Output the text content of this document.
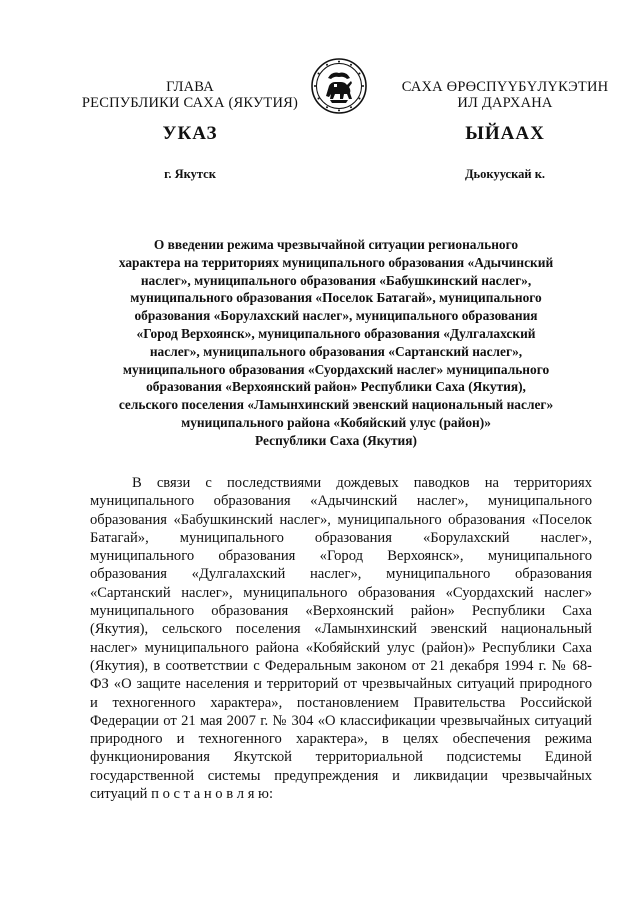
ГЛАВА
РЕСПУБЛИКИ САХА (ЯКУТИЯ)
САХА ӨРӨСПҮҮБҮЛҮКЭТИН
ИЛ ДАРХАНА
УКАЗ	ЫЙААХ
г. Якутск	Дьокуускай к.
О введении режима чрезвычайной ситуации регионального
характера на территориях муниципального образования «Адычинский
наслег», муниципального образования «Бабушкинский наслег»,
муниципального образования «Поселок Батагай», муниципального
образования «Борулахский наслег», муниципального образования
«Город Верхоянск», муниципального образования «Дулгалахский
наслег», муниципального образования «Сартанский наслег»,
муниципального образования «Суордахский наслег» муниципального
образования «Верхоянский район» Республики Саха (Якутия),
сельского поселения «Ламынхинский эвенский национальный наслег»
муниципального района «Кобяйский улус (район)»
Республики Саха (Якутия)
В связи с последствиями дождевых паводков на территориях
муниципального образования «Адычинский наслег», муниципального
образования «Бабушкинский наслег», муниципального образования «Поселок
Батагай», муниципального образования «Борулахский наслег»,
муниципального образования «Город Верхоянск», муниципального
образования «Дулгалахский наслег», муниципального образования
«Сартанский наслег», муниципального образования «Суордахский наслег»
муниципального образования «Верхоянский район» Республики Саха
(Якутия), сельского поселения «Ламынхинский эвенский национальный
наслег» муниципального района «Кобяйский улус (район)» Республики Саха
(Якутия), в соответствии с Федеральным законом от 21 декабря 1994 г. № 68-
ФЗ «О защите населения и территорий от чрезвычайных ситуаций природного
и техногенного характера», постановлением Правительства Российской
Федерации от 21 мая 2007 г. № 304 «О классификации чрезвычайных ситуаций
природного и техногенного характера», в целях обеспечения режима
функционирования Якутской территориальной подсистемы Единой
государственной системы предупреждения и ликвидации чрезвычайных
ситуаций п о с т а н о в л я ю:
